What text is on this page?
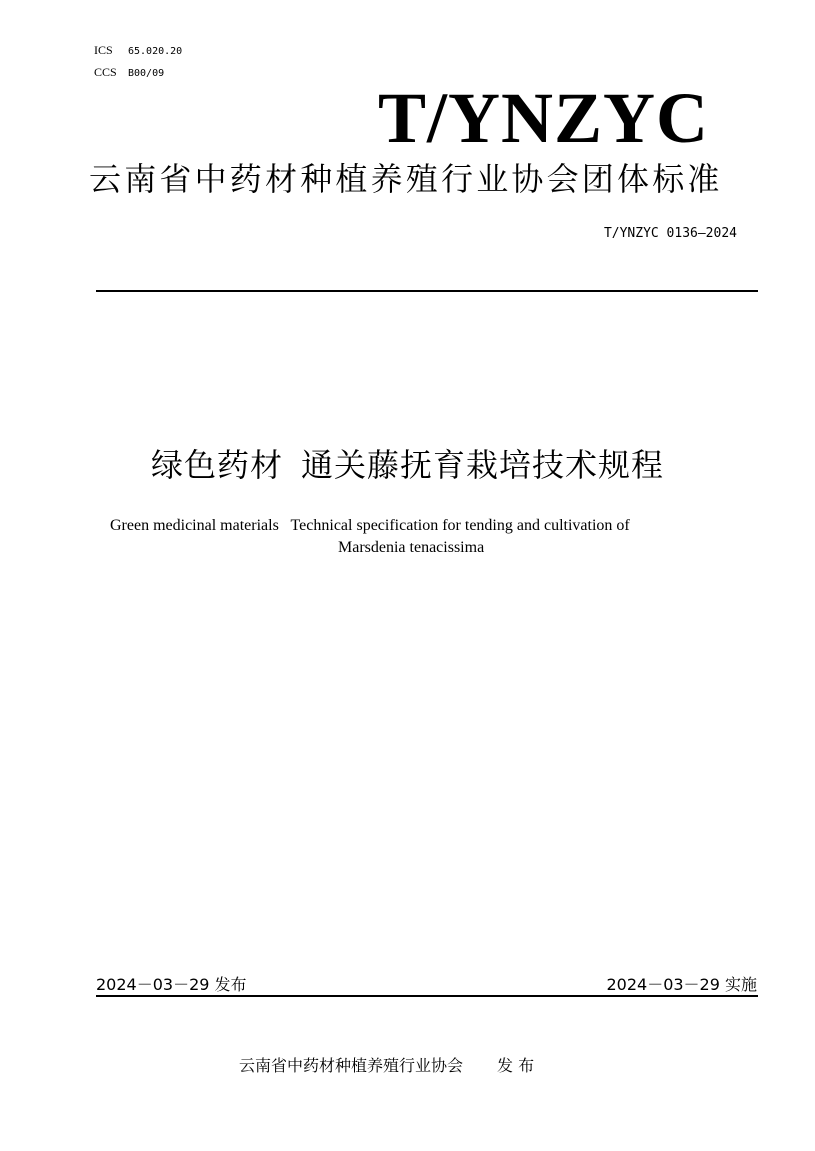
ICS 65.020.20
CCS B00/09
T/YNZYC
云南省中药材种植养殖行业协会团体标准
T/YNZYC 0136—2024
绿色药材 通关藤抚育栽培技术规程
Green medicinal materials   Technical specification for tending and cultivation of
Marsdenia tenacissima
2024－03－29 发布	2024－03－29 实施
云南省中药材种植养殖行业协会 发 布
